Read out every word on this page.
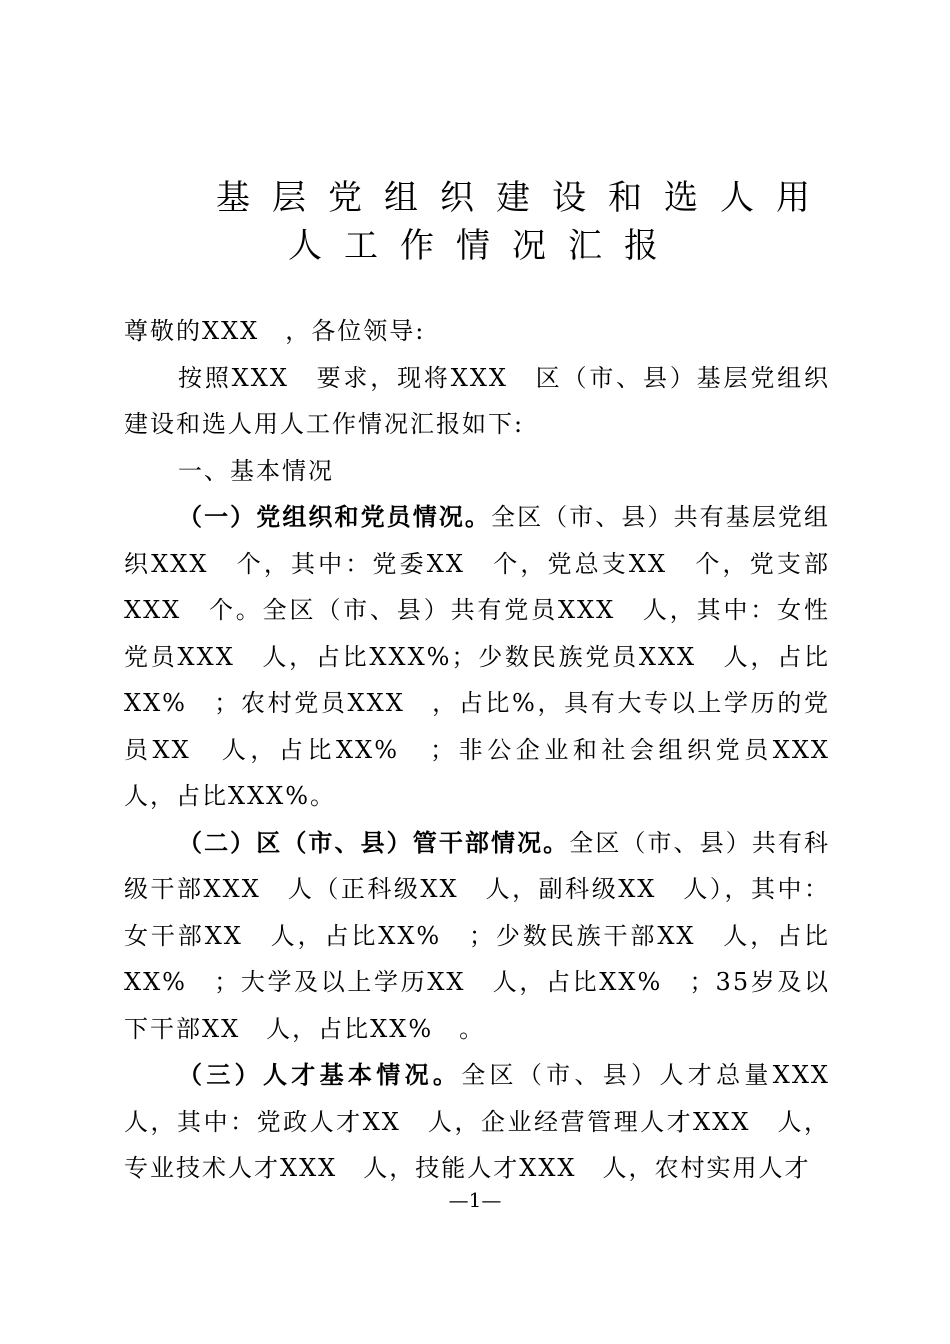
基层党组织建设和选人用
人工作情况汇报

尊敬的XXX　，各位领导:

按照XXX　要求，现将XXX　区（市、县）基层党组织建设和选人用人工作情况汇报如下:

一、基本情况

（一）党组织和党员情况。全区（市、县）共有基层党组织XXX　个，其中：党委XX　个，党总支XX　个，党支部XXX　个。全区（市、县）共有党员XXX　人，其中：女性党员XXX　人，占比XXX%；少数民族党员XXX　人，占比XX%　；农村党员XXX　，占比%，具有大专以上学历的党员XX　人，占比XX%　；非公企业和社会组织党员XXX　人，占比XXX%。

（二）区（市、县）管干部情况。全区（市、县）共有科级干部XXX　人（正科级XX　人，副科级XX　人），其中：女干部XX　人，占比XX%　；少数民族干部XX　人，占比XX%　；大学及以上学历XX　人，占比XX%　；35岁及以下干部XX　人，占比XX%　。

（三）人才基本情况。全区（市、县）人才总量XXX　人，其中：党政人才XX　人，企业经营管理人才XXX　人，专业技术人才XXX　人，技能人才XXX　人，农村实用人才

—1—
